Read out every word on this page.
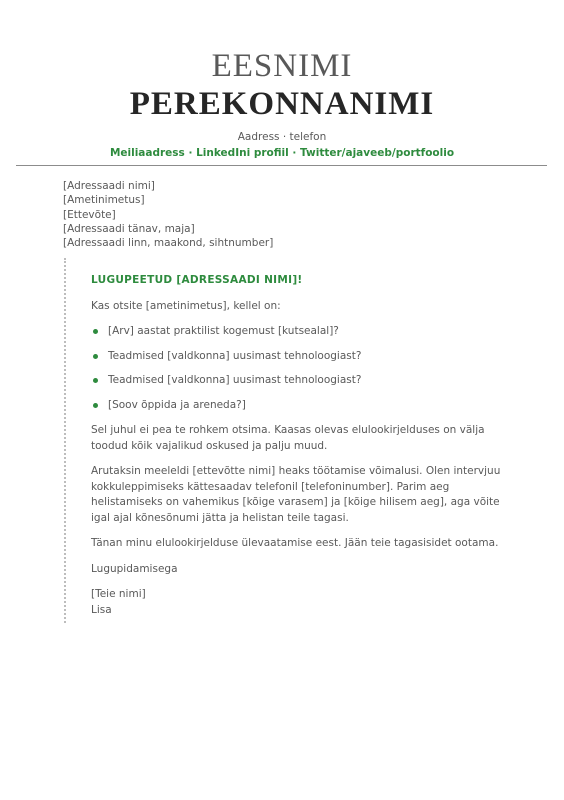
EESNIMI
PEREKONNANIMI
Aadress · telefon
Meiliaadress · LinkedIni profiil · Twitter/ajaveeb/portfoolio
[Adressaadi nimi]
[Ametinimetus]
[Ettevõte]
[Adressaadi tänav, maja]
[Adressaadi linn, maakond, sihtnumber]
LUGUPEETUD [ADRESSAADI NIMI]!

Kas otsite [ametinimetus], kellel on:

[Arv] aastat praktilist kogemust [kutsealal]?
Teadmised [valdkonna] uusimast tehnoloogiast?
Teadmised [valdkonna] uusimast tehnoloogiast?
[Soov õppida ja areneda?]

Sel juhul ei pea te rohkem otsima. Kaasas olevas elulookirjelduses on välja toodud kõik vajalikud oskused ja palju muud.

Arutaksin meeleldi [ettevõtte nimi] heaks töötamise võimalusi. Olen intervjuu kokkuleppimiseks kättesaadav telefonil [telefoninumber]. Parim aeg helistamiseks on vahemikus [kõige varasem] ja [kõige hilisem aeg], aga võite igal ajal kõnesõnumi jätta ja helistan teile tagasi.

Tänan minu elulookirjelduse ülevaatamise eest. Jään teie tagasisidet ootama.

Lugupidamisega

[Teie nimi]
Lisa
